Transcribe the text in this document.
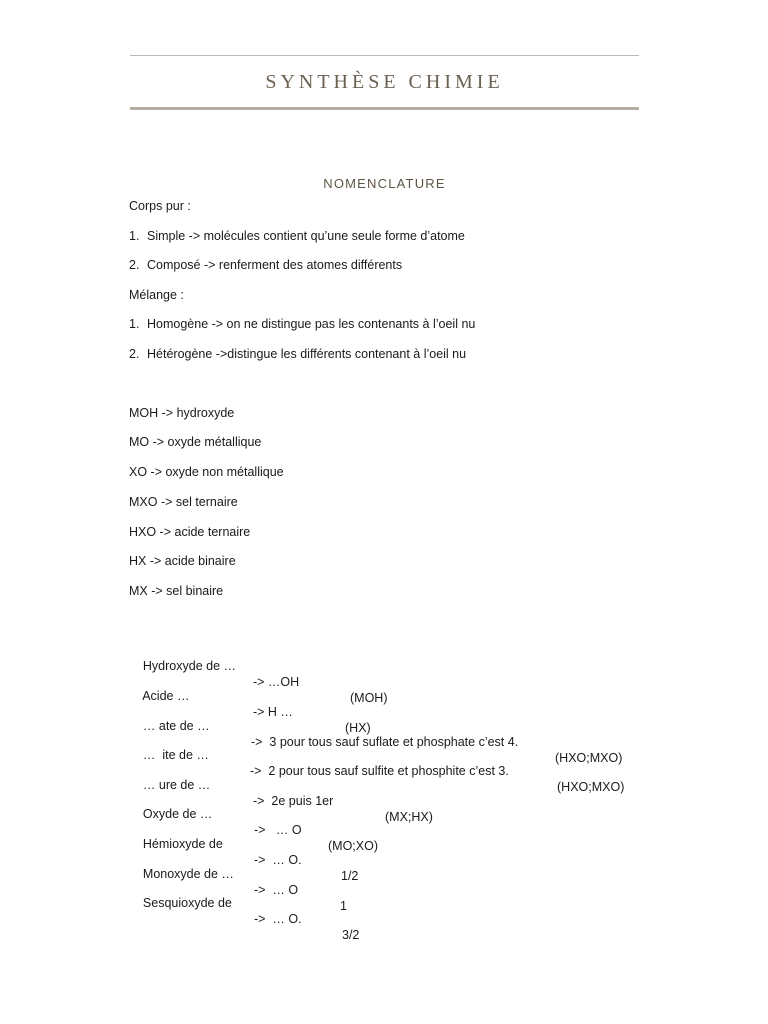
SYNTHÈSE CHIMIE
NOMENCLATURE
Corps pur :
1. Simple -> molécules contient qu’une seule forme d’atome
2. Composé -> renferment des atomes différents
Mélange :
1. Homogène -> on ne distingue pas les contenants à l’oeil nu
2. Hétérogène ->distingue les différents contenant à l’oeil nu
MOH -> hydroxyde
MO -> oxyde métallique
XO -> oxyde non métallique
MXO -> sel ternaire
HXO -> acide ternaire
HX -> acide binaire
MX -> sel binaire

Hydroxyde de …

-> …OH

(MOH)

Acide …

-> H …

(HX)

… ate de …

->  3 pour tous sauf suflate et phosphate c’est 4.

(HXO;MXO)

…  ite de …

->  2 pour tous sauf sulfite et phosphite c’est 3.

(HXO;MXO)

… ure de …

->  2e puis 1er

(MX;HX)

Oxyde de …

->   … O

(MO;XO)

Hémioxyde de

->  … O.

1/2

Monoxyde de …

->  … O

1

Sesquioxyde de

->  … O.

3/2
